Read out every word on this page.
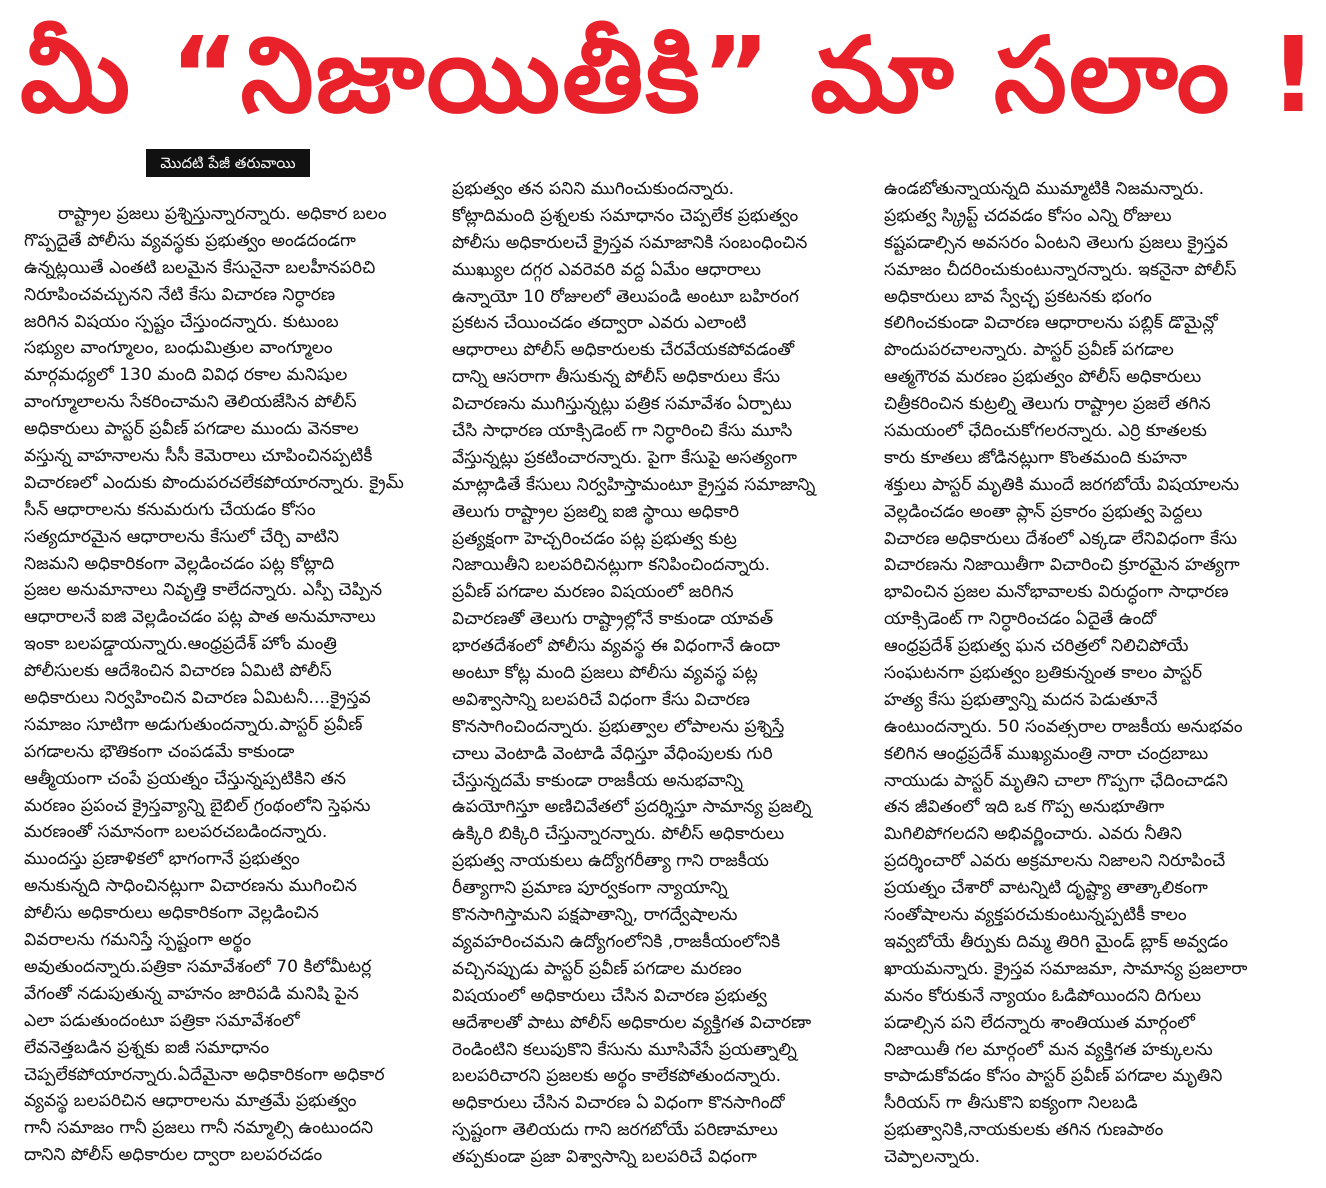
మీ “నిజాయితీకి” మా సలాం !
మొదటి పేజీ తరువాయి
రాష్ట్రాల ప్రజలు ప్రశ్నిస్తున్నారన్నారు. అధికార బలం
గొప్పదైతే పోలీసు వ్యవస్థకు ప్రభుత్వం అండదండగా
ఉన్నట్లయితే ఎంతటి బలమైన కేసునైనా బలహీనపరిచి
నిరూపించవచ్చునని నేటి కేసు విచారణ నిర్ధారణ
జరిగిన విషయం స్పష్టం చేస్తుందన్నారు. కుటుంబ
సభ్యుల వాంగ్మూలం, బంధుమిత్రుల వాంగ్మూలం
మార్గమధ్యలో 130 మంది వివిధ రకాల మనిషుల
వాంగ్మూలాలను సేకరించామని తెలియజేసిన పోలీస్
అధికారులు పాస్టర్ ప్రవీణ్ పగడాల ముందు వెనకాల
వస్తున్న వాహనాలను సీసీ కెమెరాలు చూపించినప్పటికీ
విచారణలో ఎందుకు పొందుపరచలేకపోయారన్నారు. క్రైమ్
సీన్ ఆధారాలను కనుమరుగు చేయడం కోసం
సత్యదూరమైన ఆధారాలను కేసులో చేర్చి వాటిని
నిజమని అధికారికంగా వెల్లడించడం పట్ల కోట్లాది
ప్రజల అనుమానాలు నివృత్తి కాలేదన్నారు. ఎస్పీ చెప్పిన
ఆధారాలనే ఐజి వెల్లడించడం పట్ల పాత అనుమానాలు
ఇంకా బలపడ్డాయన్నారు.ఆంధ్రప్రదేశ్ హోం మంత్రి
పోలీసులకు ఆదేశించిన విచారణ ఏమిటి పోలీస్
అధికారులు నిర్వహించిన విచారణ ఏమిటనీ....క్రైస్తవ
సమాజం సూటిగా అడుగుతుందన్నారు.పాస్టర్ ప్రవీణ్
పగడాలను భౌతికంగా చంపడమే కాకుండా
ఆత్మీయంగా చంపే ప్రయత్నం చేస్తున్నప్పటికిని తన
మరణం ప్రపంచ క్రైస్తవ్యాన్ని బైబిల్ గ్రంథంలోని స్తెఫను
మరణంతో సమానంగా బలపరచబడిందన్నారు.
ముందస్తు ప్రణాళికలో భాగంగానే ప్రభుత్వం
అనుకున్నది సాధించినట్లుగా విచారణను ముగించిన
పోలీసు అధికారులు అధికారికంగా వెల్లడించిన
వివరాలను గమనిస్తే స్పష్టంగా అర్థం
అవుతుందన్నారు.పత్రికా సమావేశంలో 70 కిలోమీటర్ల
వేగంతో నడుపుతున్న వాహనం జారిపడి మనిషి పైన
ఎలా పడుతుందంటూ పత్రికా సమావేశంలో
లేవనెత్తబడిన ప్రశ్నకు ఐజీ సమాధానం
చెప్పలేకపోయారన్నారు.ఏదేమైనా అధికారికంగా అధికార
వ్యవస్థ బలపరిచిన ఆధారాలను మాత్రమే ప్రభుత్వం
గానీ సమాజం గానీ ప్రజలు గానీ నమ్మాల్సి ఉంటుందని
దానిని పోలీస్ అధికారుల ద్వారా బలపరచడం
ప్రభుత్వం తన పనిని ముగించుకుందన్నారు.
కోట్లాదిమంది ప్రశ్నలకు సమాధానం చెప్పలేక ప్రభుత్వం
పోలీసు అధికారులచే క్రైస్తవ సమాజానికి సంబంధించిన
ముఖ్యుల దగ్గర ఎవరెవరి వద్ద ఏమేం ఆధారాలు
ఉన్నాయో 10 రోజులలో తెలుపండి అంటూ బహిరంగ
ప్రకటన చేయించడం తద్వారా ఎవరు ఎలాంటి
ఆధారాలు పోలీస్ అధికారులకు చేరవేయకపోవడంతో
దాన్ని ఆసరాగా తీసుకున్న పోలీస్ అధికారులు కేసు
విచారణను ముగిస్తున్నట్లు పత్రిక సమావేశం ఏర్పాటు
చేసి సాధారణ యాక్సిడెంట్ గా నిర్ధారించి కేసు మూసి
వేస్తున్నట్లు ప్రకటించారన్నారు. పైగా కేసుపై అసత్యంగా
మాట్లాడితే కేసులు నిర్వహిస్తామంటూ క్రైస్తవ సమాజాన్ని
తెలుగు రాష్ట్రాల ప్రజల్ని ఐజి స్థాయి అధికారి
ప్రత్యక్షంగా హెచ్చరించడం పట్ల ప్రభుత్వ కుట్ర
నిజాయితీని బలపరిచినట్లుగా కనిపించిందన్నారు.
ప్రవీణ్ పగడాల మరణం విషయంలో జరిగిన
విచారణతో తెలుగు రాష్ట్రాల్లోనే కాకుండా యావత్
భారతదేశంలో పోలీసు వ్యవస్థ ఈ విధంగానే ఉందా
అంటూ కోట్ల మంది ప్రజలు పోలీసు వ్యవస్థ పట్ల
అవిశ్వాసాన్ని బలపరిచే విధంగా కేసు విచారణ
కొనసాగించిందన్నారు. ప్రభుత్వాల లోపాలను ప్రశ్నిస్తే
చాలు వెంటాడి వెంటాడి వేధిస్తూ వేధింపులకు గురి
చేస్తున్నదమే కాకుండా రాజకీయ అనుభవాన్ని
ఉపయోగిస్తూ అణిచివేతలో ప్రదర్శిస్తూ సామాన్య ప్రజల్ని
ఉక్కిరి బిక్కిరి చేస్తున్నారన్నారు. పోలీస్ అధికారులు
ప్రభుత్వ నాయకులు ఉద్యోగరీత్యా గాని రాజకీయ
రీత్యాగాని ప్రమాణ పూర్వకంగా న్యాయాన్ని
కొనసాగిస్తామని పక్షపాతాన్ని, రాగద్వేషాలను
వ్యవహరించమని ఉద్యోగంలోనికి ,రాజకీయంలోనికి
వచ్చినప్పుడు పాస్టర్ ప్రవీణ్ పగడాల మరణం
విషయంలో అధికారులు చేసిన విచారణ ప్రభుత్వ
ఆదేశాలతో పాటు పోలీస్ అధికారుల వ్యక్తిగత విచారణా
రెండింటిని కలుపుకొని కేసును మూసివేసే ప్రయత్నాల్ని
బలపరిచారని ప్రజలకు అర్థం కాలేకపోతుందన్నారు.
అధికారులు చేసిన విచారణ ఏ విధంగా కొనసాగిందో
స్పష్టంగా తెలియదు గాని జరగబోయే పరిణామాలు
తప్పకుండా ప్రజా విశ్వాసాన్ని బలపరిచే విధంగా
ఉండబోతున్నాయన్నది ముమ్మాటికి నిజమన్నారు.
ప్రభుత్వ స్క్రిప్ట్ చదవడం కోసం ఎన్ని రోజులు
కష్టపడాల్సిన అవసరం ఏంటని తెలుగు ప్రజలు క్రైస్తవ
సమాజం చీదరించుకుంటున్నారన్నారు. ఇకనైనా పోలీస్
అధికారులు బావ స్వేచ్ఛ ప్రకటనకు భంగం
కలిగించకుండా విచారణ ఆధారాలను పబ్లిక్ డొమైన్లో
పొందుపరచాలన్నారు. పాస్టర్ ప్రవీణ్ పగడాల
ఆత్మగౌరవ మరణం ప్రభుత్వం పోలీస్ అధికారులు
చిత్రీకరించిన కుట్రల్ని తెలుగు రాష్ట్రాల ప్రజలే తగిన
సమయంలో ఛేదించుకోగలరన్నారు. ఎర్రి కూతలకు
కారు కూతలు జోడినట్లుగా కొంతమంది కుహనా
శక్తులు పాస్టర్ మృతికి ముందే జరగబోయే విషయాలను
వెల్లడించడం అంతా ప్లాన్ ప్రకారం ప్రభుత్వ పెద్దలు
విచారణ అధికారులు దేశంలో ఎక్కడా లేనివిధంగా కేసు
విచారణను నిజాయితీగా విచారించి క్రూరమైన హత్యగా
భావించిన ప్రజల మనోభావాలకు విరుద్ధంగా సాధారణ
యాక్సిడెంట్ గా నిర్ధారించడం ఏదైతే ఉందో
ఆంధ్రప్రదేశ్ ప్రభుత్వ ఘన చరిత్రలో నిలిచిపోయే
సంఘటనగా ప్రభుత్వం బ్రతికున్నంత కాలం పాస్టర్
హత్య కేసు ప్రభుత్వాన్ని మదన పెడుతూనే
ఉంటుందన్నారు. 50 సంవత్సరాల రాజకీయ అనుభవం
కలిగిన ఆంధ్రప్రదేశ్ ముఖ్యమంత్రి నారా చంద్రబాబు
నాయుడు పాస్టర్ మృతిని చాలా గొప్పగా ఛేదించాడని
తన జీవితంలో ఇది ఒక గొప్ప అనుభూతిగా
మిగిలిపోగలదని అభివర్ణించారు. ఎవరు నీతిని
ప్రదర్శించారో ఎవరు అక్రమాలను నిజాలని నిరూపించే
ప్రయత్నం చేశారో వాటన్నిటి దృష్ట్యా తాత్కాలికంగా
సంతోషాలను వ్యక్తపరచుకుంటున్నప్పటికీ కాలం
ఇవ్వబోయే తీర్పుకు దిమ్మ తిరిగి మైండ్ బ్లాక్ అవ్వడం
ఖాయమన్నారు. క్రైస్తవ సమాజమా, సామాన్య ప్రజలారా
మనం కోరుకునే న్యాయం ఓడిపోయిందని దిగులు
పడాల్సిన పని లేదన్నారు శాంతియుత మార్గంలో
నిజాయితీ గల మార్గంలో మన వ్యక్తిగత హక్కులను
కాపాడుకోవడం కోసం పాస్టర్ ప్రవీణ్ పగడాల మృతిని
సీరియస్ గా తీసుకొని ఐక్యంగా నిలబడి
ప్రభుత్వానికి,నాయకులకు తగిన గుణపాఠం
చెప్పాలన్నారు.
